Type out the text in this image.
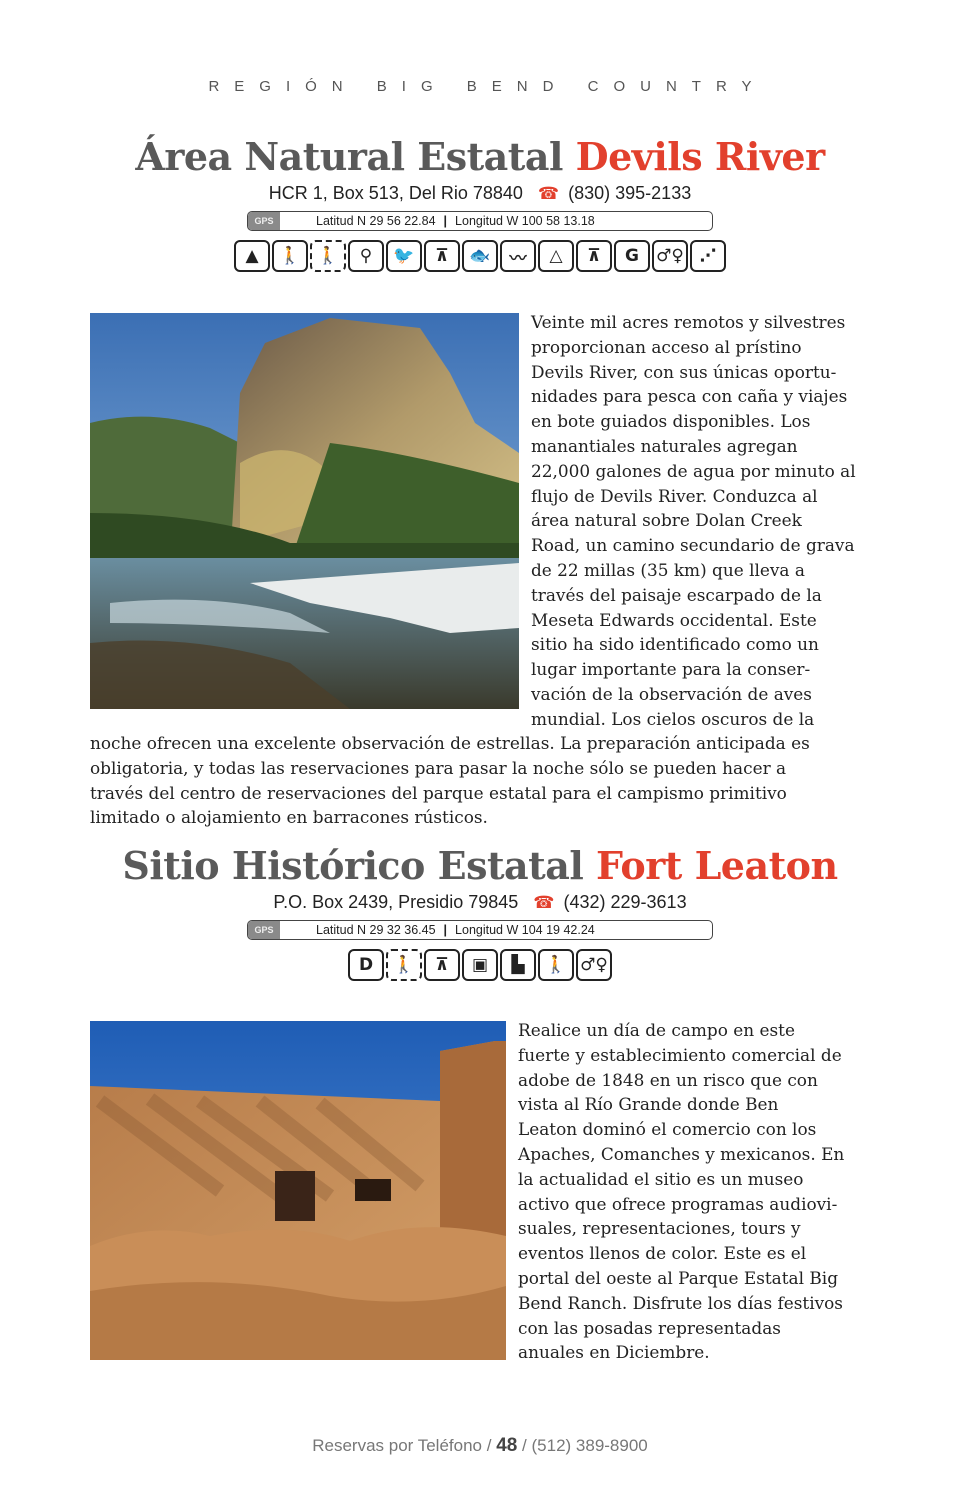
REGIÓN BIG BEND COUNTRY
Área Natural Estatal Devils River
HCR 1, Box 513, Del Rio 78840 ☎ (830) 395-2133
GPS	Latitud N 29 56 22.84 | Longitud W 100 58 13.18
▲	🚶 🚶	⚲	🐦	⊼	🐟	〰	△	⊼	G	♂♀ ⋰
Veinte mil acres remotos y silvestres
proporcionan acceso al prístino
Devils River, con sus únicas oportu-
nidades para pesca con caña y viajes
en bote guiados disponibles. Los
manantiales naturales agregan
22,000 galones de agua por minuto al
flujo de Devils River. Conduzca al
área natural sobre Dolan Creek
Road, un camino secundario de grava
de 22 millas (35 km) que lleva a
través del paisaje escarpado de la
Meseta Edwards occidental. Este
sitio ha sido identificado como un
lugar importante para la conser-
vación de la observación de aves
mundial. Los cielos oscuros de la
noche ofrecen una excelente observación de estrellas. La preparación anticipada es
obligatoria, y todas las reservaciones para pasar la noche sólo se pueden hacer a
través del centro de reservaciones del parque estatal para el campismo primitivo
limitado o alojamiento en barracones rústicos.
Sitio Histórico Estatal Fort Leaton
P.O. Box 2439, Presidio 79845 ☎ (432) 229-3613
GPS	Latitud N 29 32 36.45 | Longitud W 104 19 42.24
D	🚶	⊼	▣	▙	🚶 ♂♀
Realice un día de campo en este
fuerte y establecimiento comercial de
adobe de 1848 en un risco que con
vista al Río Grande donde Ben
Leaton dominó el comercio con los
Apaches, Comanches y mexicanos. En
la actualidad el sitio es un museo
activo que ofrece programas audiovi-
suales, representaciones, tours y
eventos llenos de color. Este es el
portal del oeste al Parque Estatal Big
Bend Ranch. Disfrute los días festivos
con las posadas representadas
anuales en Diciembre.
Reservas por Teléfono / 48 / (512) 389-8900
